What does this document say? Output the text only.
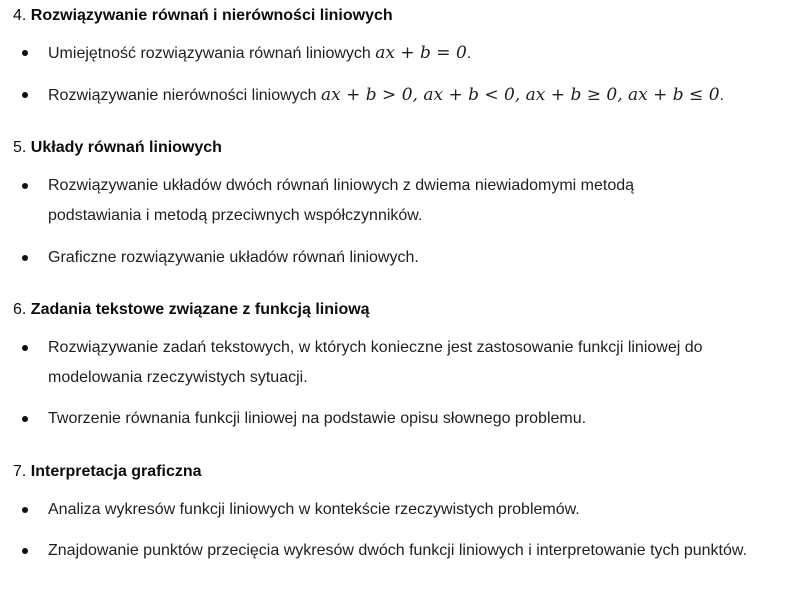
4. Rozwiązywanie równań i nierówności liniowych
Umiejętność rozwiązywania równań liniowych ax + b = 0.
Rozwiązywanie nierówności liniowych ax + b > 0, ax + b < 0, ax + b ≥ 0, ax + b ≤ 0.
5. Układy równań liniowych
Rozwiązywanie układów dwóch równań liniowych z dwiema niewiadomymi metodą podstawiania i metodą przeciwnych współczynników.
Graficzne rozwiązywanie układów równań liniowych.
6. Zadania tekstowe związane z funkcją liniową
Rozwiązywanie zadań tekstowych, w których konieczne jest zastosowanie funkcji liniowej do modelowania rzeczywistych sytuacji.
Tworzenie równania funkcji liniowej na podstawie opisu słownego problemu.
7. Interpretacja graficzna
Analiza wykresów funkcji liniowych w kontekście rzeczywistych problemów.
Znajdowanie punktów przecięcia wykresów dwóch funkcji liniowych i interpretowanie tych punktów.
